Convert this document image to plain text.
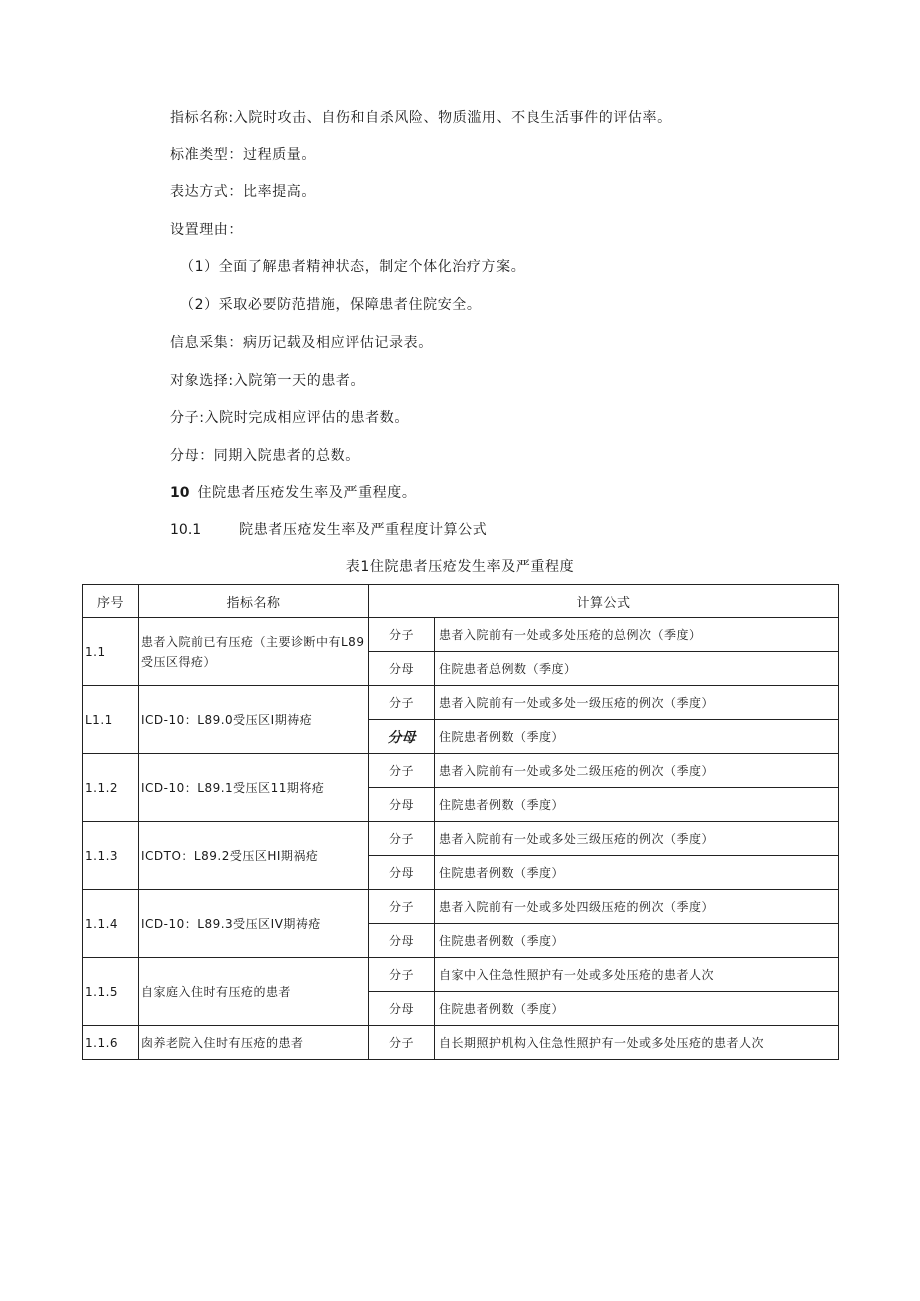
指标名称:入院时攻击、自伤和自杀风险、物质滥用、不良生活事件的评估率。
标准类型：过程质量。
表达方式：比率提高。
设置理由：
（1）全面了解患者精神状态，制定个体化治疗方案。
（2）采取必要防范措施，保障患者住院安全。
信息采集：病历记载及相应评估记录表。
对象选择:入院第一天的患者。
分子:入院时完成相应评估的患者数。
分母：同期入院患者的总数。
10 住院患者压疮发生率及严重程度。
10.1	院患者压疮发生率及严重程度计算公式
表1住院患者压疮发生率及严重程度
序号	指标名称	计算公式	
1.1	患者入院前已有压疮（主要诊断中有L89受压区得疮）	分子	患者入院前有一处或多处压疮的总例次（季度）
		分母	住院患者总例数（季度）
L1.1	ICD-10：L89.0受压区I期祷疮	分子	患者入院前有一处或多处一级压疮的例次（季度）
		分母	住院患者例数（季度）
1.1.2	ICD-10：L89.1受压区11期将疮	分子	患者入院前有一处或多处二级压疮的例次（季度）
		分母	住院患者例数（季度）
1.1.3	ICDTO：L89.2受压区HI期祸疮	分子	患者入院前有一处或多处三级压疮的例次（季度）
		分母	住院患者例数（季度）
1.1.4	ICD-10：L89.3受压区IV期祷疮	分子	患者入院前有一处或多处四级压疮的例次（季度）
		分母	住院患者例数（季度）
1.1.5	自家庭入住时有压疮的患者	分子	自家中入住急性照护有一处或多处压疮的患者人次
		分母	住院患者例数（季度）
1.1.6	囱养老院入住时有压疮的患者	分子	自长期照护机构入住急性照护有一处或多处压疮的患者人次
